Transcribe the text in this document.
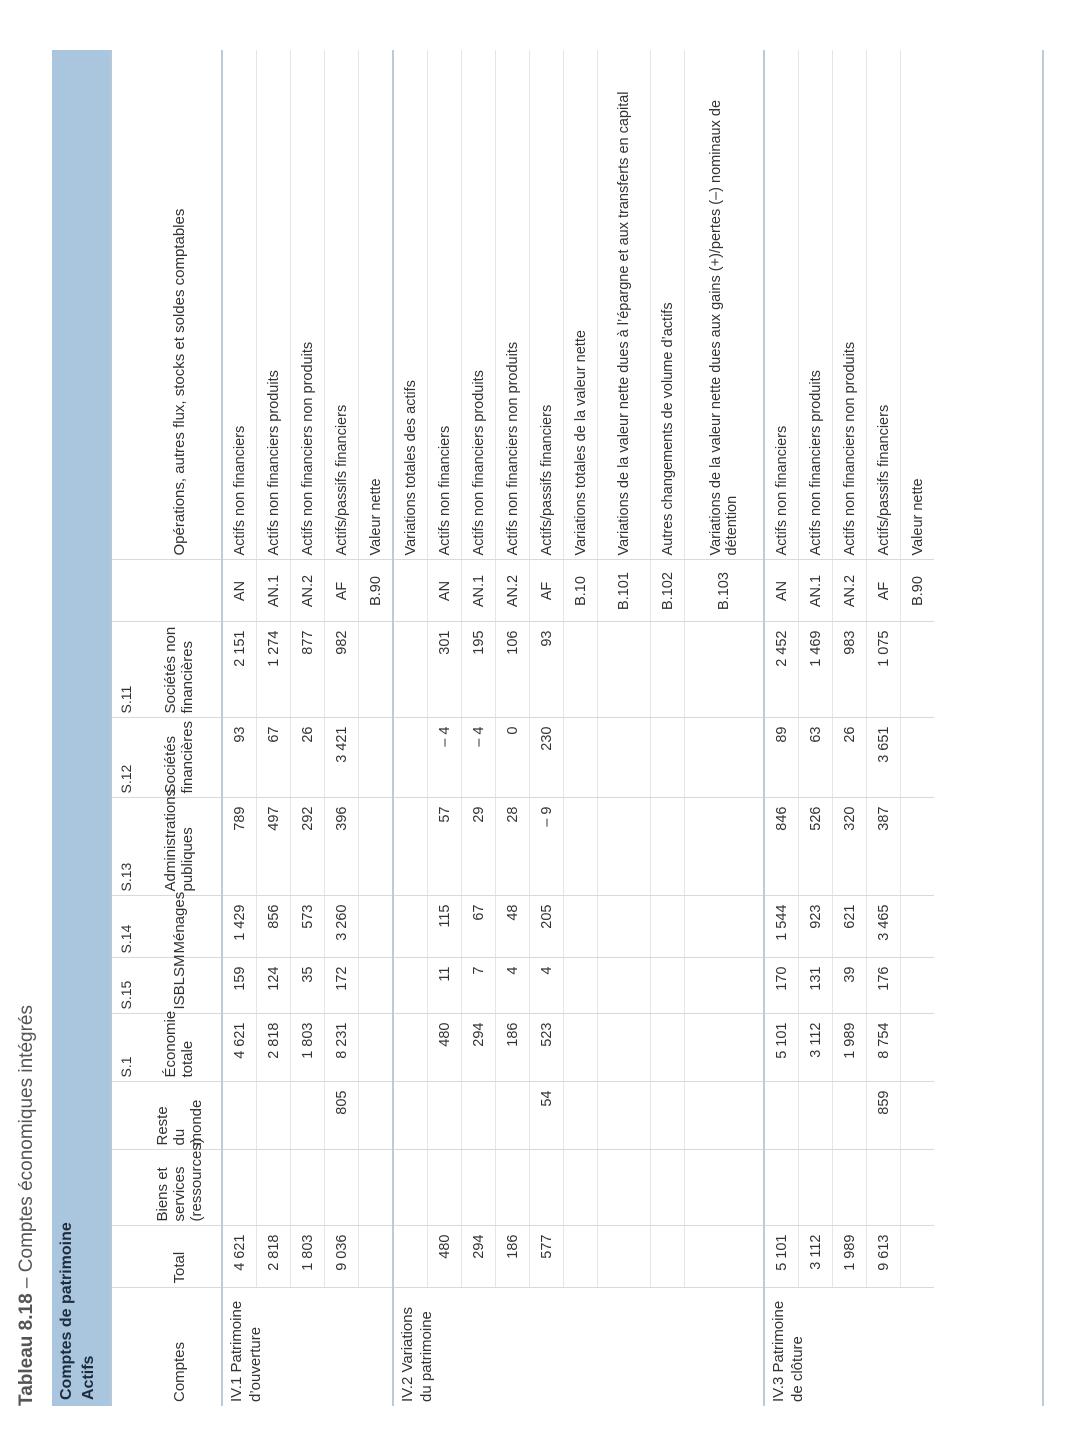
Tableau 8.18 – Comptes économiques intégrés
Comptes de patrimoine Actifs
				S.1	S.15	S.14	S.13	S.12	S.11		
Comptes	Total	Biens et services (ressources)	Reste du monde	Économie totale	ISBLSM	Ménages	Administrations publiques	Sociétés financières	Sociétés non financières		Opérations, autres flux, stocks et soldes comptables
IV.1 Patrimoine d’ouverture	4 621			4 621	159	1 429	789	93	2 151	AN	Actifs non financiers
	2 818			2 818	124	856	497	67	1 274	AN.1	Actifs non financiers produits
	1 803			1 803	35	573	292	26	877	AN.2	Actifs non financiers non produits
	9 036		805	8 231	172	3 260	396	3 421	982	AF	Actifs/passifs financiers
										B.90	Valeur nette
IV.2 Variations du patrimoine											Variations totales des actifs
	480			480	11	115	57	– 4	301	AN	Actifs non financiers
	294			294	7	67	29	– 4	195	AN.1	Actifs non financiers produits
	186			186	4	48	28	0	106	AN.2	Actifs non financiers non produits
	577		54	523	4	205	– 9	230	93	AF	Actifs/passifs financiers
										B.10	Variations totales de la valeur nette
										B.101	Variations de la valeur nette dues à l’épargne et aux transferts en capital
										B.102	Autres changements de volume d’actifs
										B.103	Variations de la valeur nette dues aux gains (+)/pertes (–) nominaux de détention
IV.3 Patrimoine de clôture	5 101			5 101	170	1 544	846	89	2 452	AN	Actifs non financiers
	3 112			3 112	131	923	526	63	1 469	AN.1	Actifs non financiers produits
	1 989			1 989	39	621	320	26	983	AN.2	Actifs non financiers non produits
	9 613		859	8 754	176	3 465	387	3 651	1 075	AF	Actifs/passifs financiers
										B.90	Valeur nette
